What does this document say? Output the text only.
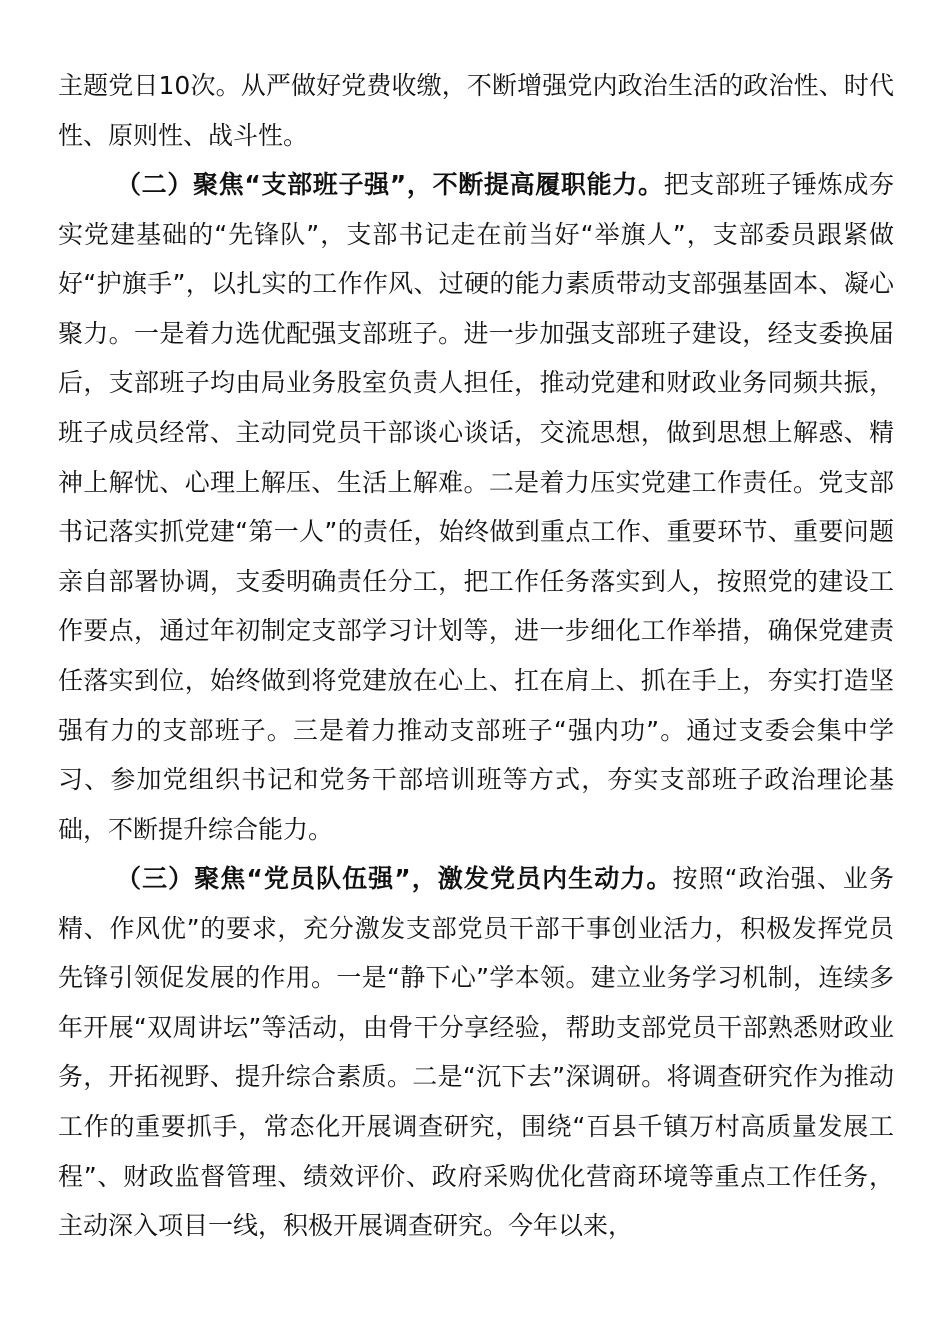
主题党日10次。从严做好党费收缴，不断增强党内政治生活的政治性、时代性、原则性、战斗性。

（二）聚焦“支部班子强”，不断提高履职能力。把支部班子锤炼成夯实党建基础的“先锋队”，支部书记走在前当好“举旗人”，支部委员跟紧做好“护旗手”，以扎实的工作作风、过硬的能力素质带动支部强基固本、凝心聚力。一是着力选优配强支部班子。进一步加强支部班子建设，经支委换届后，支部班子均由局业务股室负责人担任，推动党建和财政业务同频共振，班子成员经常、主动同党员干部谈心谈话，交流思想，做到思想上解惑、精神上解忧、心理上解压、生活上解难。二是着力压实党建工作责任。党支部书记落实抓党建“第一人”的责任，始终做到重点工作、重要环节、重要问题亲自部署协调，支委明确责任分工，把工作任务落实到人，按照党的建设工作要点，通过年初制定支部学习计划等，进一步细化工作举措，确保党建责任落实到位，始终做到将党建放在心上、扛在肩上、抓在手上，夯实打造坚强有力的支部班子。三是着力推动支部班子“强内功”。通过支委会集中学习、参加党组织书记和党务干部培训班等方式，夯实支部班子政治理论基础，不断提升综合能力。

（三）聚焦“党员队伍强”，激发党员内生动力。按照“政治强、业务精、作风优”的要求，充分激发支部党员干部干事创业活力，积极发挥党员先锋引领促发展的作用。一是“静下心”学本领。建立业务学习机制，连续多年开展“双周讲坛”等活动，由骨干分享经验，帮助支部党员干部熟悉财政业务，开拓视野、提升综合素质。二是“沉下去”深调研。将调查研究作为推动工作的重要抓手，常态化开展调查研究，围绕“百县千镇万村高质量发展工程”、财政监督管理、绩效评价、政府采购优化营商环境等重点工作任务，主动深入项目一线，积极开展调查研究。今年以来，
